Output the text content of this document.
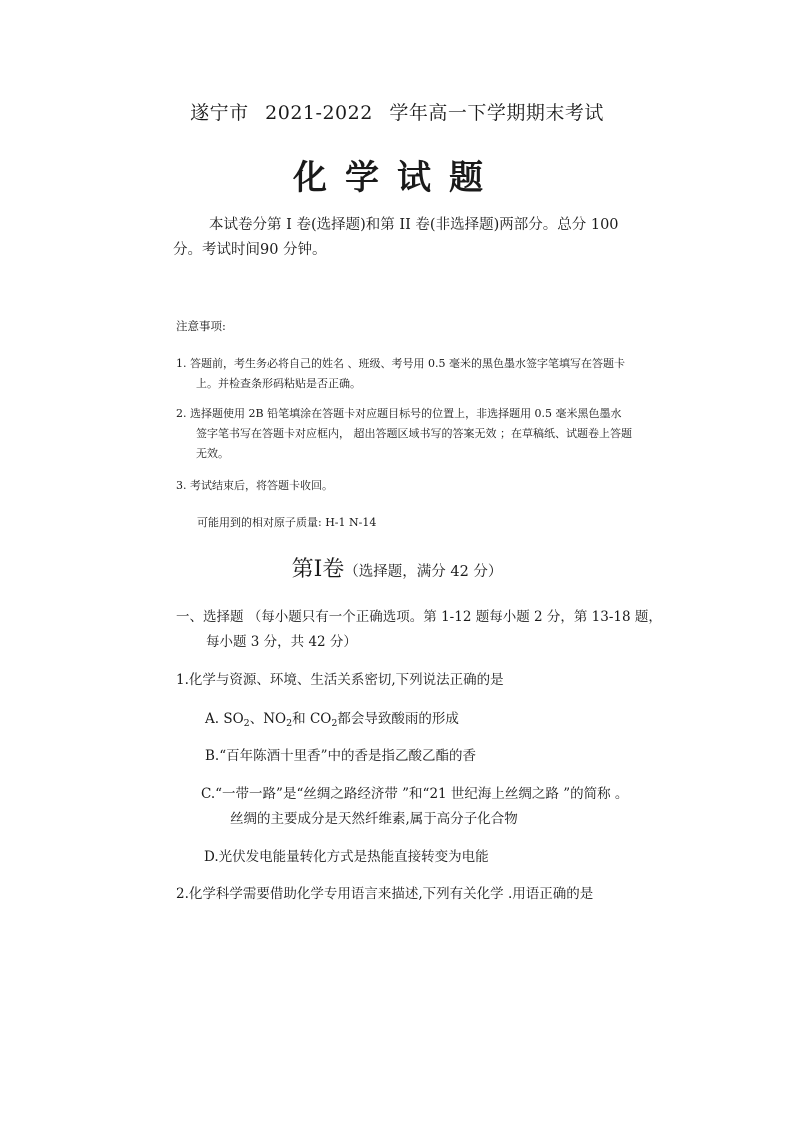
遂宁市 2021-2022 学年高一下学期期末考试
化学试题
本试卷分第 I 卷(选择题)和第 II 卷(非选择题)两部分。总分 100
分。考试时间90 分钟。
注意事项:
1. 答题前，考生务必将自己的姓名 、班级、考号用 0.5 毫米的黑色墨水签字笔填写在答题卡
上。并检查条形码粘贴是否正确。
2. 选择题使用 2B 铅笔填涂在答题卡对应题目标号的位置上，非选择题用 0.5 毫米黑色墨水
签字笔书写在答题卡对应框内， 超出答题区域书写的答案无效 ；在草稿纸、试题卷上答题
无效。
3. 考试结束后，将答题卡收回。
可能用到的相对原子质量: H-1 N-14
第Ⅰ卷（选择题，满分 42 分）
一、选择题 （每小题只有一个正确选项。第 1-12 题每小题 2 分，第 13-18 题，
每小题 3 分，共 42 分）
1.化学与资源、环境、生活关系密切,下列说法正确的是
A. $SO_2$、$NO_2$和 $CO_2$都会导致酸雨的形成
B.“百年陈酒十里香”中的香是指乙酸乙酯的香
C.“一带一路”是“丝绸之路经济带 ”和“21 世纪海上丝绸之路 ”的简称 。
丝绸的主要成分是天然纤维素,属于高分子化合物
D.光伏发电能量转化方式是热能直接转变为电能
2.化学科学需要借助化学专用语言来描述,下列有关化学 .用语正确的是
